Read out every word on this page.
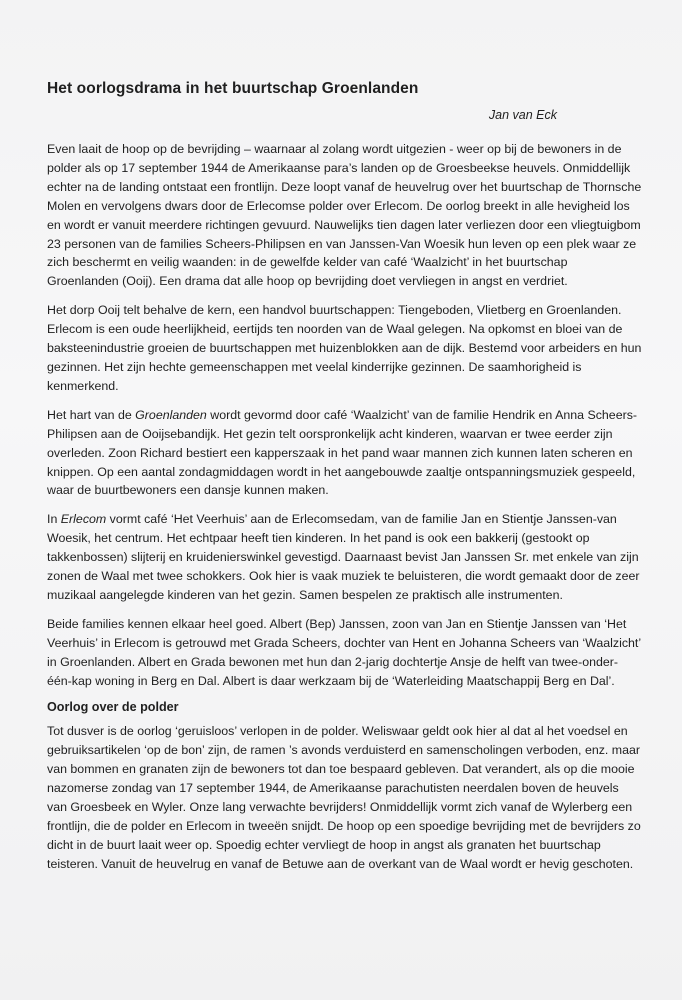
Het oorlogsdrama in het buurtschap Groenlanden
Jan van Eck

Even laait de hoop op de bevrijding – waarnaar al zolang wordt uitgezien - weer op bij de bewoners in de polder als op 17 september 1944 de Amerikaanse para’s landen op de Groesbeekse heuvels. Onmiddellijk echter na de landing ontstaat een frontlijn. Deze loopt vanaf de heuvelrug over het buurtschap de Thornsche Molen en vervolgens dwars door de Erlecomse polder over Erlecom. De oorlog breekt in alle hevigheid los en wordt er vanuit meerdere richtingen gevuurd. Nauwelijks tien dagen later verliezen door een vliegtuigbom 23 personen van de families Scheers-Philipsen en van Janssen-Van Woesik hun leven op een plek waar ze zich beschermt en veilig waanden: in de gewelfde kelder van café ‘Waalzicht’ in het buurtschap Groenlanden (Ooij). Een drama dat alle hoop op bevrijding doet vervliegen in angst en verdriet.

Het dorp Ooij telt behalve de kern, een handvol buurtschappen: Tiengeboden, Vlietberg en Groenlanden. Erlecom is een oude heerlijkheid, eertijds ten noorden van de Waal gelegen. Na opkomst en bloei van de baksteenindustrie groeien de buurtschappen met huizenblokken aan de dijk. Bestemd voor arbeiders en hun gezinnen. Het zijn hechte gemeenschappen met veelal kinderrijke gezinnen. De saamhorigheid is kenmerkend.

Het hart van de Groenlanden wordt gevormd door café ‘Waalzicht’ van de familie Hendrik en Anna Scheers-Philipsen aan de Ooijsebandijk. Het gezin telt oorspronkelijk acht kinderen, waarvan er twee eerder zijn overleden. Zoon Richard bestiert een kapperszaak in het pand waar mannen zich kunnen laten scheren en knippen. Op een aantal zondagmiddagen wordt in het aangebouwde zaaltje ontspanningsmuziek gespeeld, waar de buurtbewoners een dansje kunnen maken.

In Erlecom vormt café ‘Het Veerhuis’ aan de Erlecomsedam, van de familie Jan en Stientje Janssen-van Woesik, het centrum. Het echtpaar heeft tien kinderen. In het pand is ook een bakkerij (gestookt op takkenbossen) slijterij en kruidenierswinkel gevestigd. Daarnaast bevist Jan Janssen Sr. met enkele van zijn zonen de Waal met twee schokkers. Ook hier is vaak muziek te beluisteren, die wordt gemaakt door de zeer muzikaal aangelegde kinderen van het gezin. Samen bespelen ze praktisch alle instrumenten.

Beide families kennen elkaar heel goed. Albert (Bep) Janssen, zoon van Jan en Stientje Janssen van ‘Het Veerhuis’ in Erlecom is getrouwd met Grada Scheers, dochter van Hent en Johanna Scheers van ‘Waalzicht’ in Groenlanden. Albert en Grada bewonen met hun dan 2-jarig dochtertje Ansje de helft van twee-onder-één-kap woning in Berg en Dal. Albert is daar werkzaam bij de ‘Waterleiding Maatschappij Berg en Dal’.

Oorlog over de polder

Tot dusver is de oorlog ‘geruisloos’ verlopen in de polder. Weliswaar geldt ook hier al dat al het voedsel en gebruiksartikelen ‘op de bon’ zijn, de ramen ’s avonds verduisterd en samenscholingen verboden, enz. maar van bommen en granaten zijn de bewoners tot dan toe bespaard gebleven. Dat verandert, als op die mooie nazomerse zondag van 17 september 1944, de Amerikaanse parachutisten neerdalen boven de heuvels van Groesbeek en Wyler. Onze lang verwachte bevrijders! Onmiddellijk vormt zich vanaf de Wylerberg een frontlijn, die de polder en Erlecom in tweeën snijdt. De hoop op een spoedige bevrijding met de bevrijders zo dicht in de buurt laait weer op. Spoedig echter vervliegt de hoop in angst als granaten het buurtschap teisteren. Vanuit de heuvelrug en vanaf de Betuwe aan de overkant van de Waal wordt er hevig geschoten.
